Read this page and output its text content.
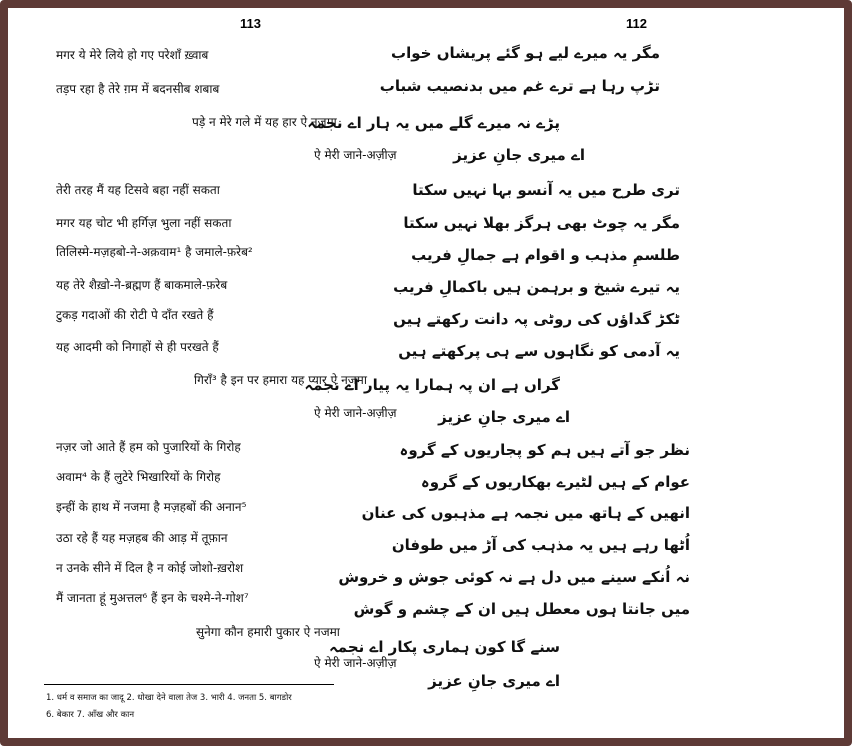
113	112
मगर ये मेरे लिये हो गए परेशाँ ख़्वाब
तड़प रहा है तेरे ग़म में बदनसीब शबाब
पड़े न मेरे गले में यह हार ऐ नजमा
ऐ मेरी जाने-अज़ीज़
तेरी तरह मैं यह टिसवे बहा नहीं सकता
मगर यह चोट भी हर्गिज़ भुला नहीं सकता
तिलिस्मे-मज़हबो-ने-अक़वाम¹ है जमाले-फ़रेब²
यह तेरे शैख़ो-ने-ब्रह्मण हैं बाकमाले-फ़रेब
टुकड़ गदाओं की रोटी पे दाँत रखते हैं
यह आदमी को निगाहों से ही परखते हैं
गिराँ³ है इन पर हमारा यह प्यार ऐ नजमा
ऐ मेरी जाने-अज़ीज़
नज़र जो आते हैं हम को पुजारियों के गिरोह
अवाम⁴ के हैं लुटेरे भिखारियों के गिरोह
इन्हीं के हाथ में नजमा है मज़हबों की अनान⁵
उठा रहे हैं यह मज़हब की आड़ में तूफ़ान
न उनके सीने में दिल है न कोई जोशो-ख़रोश
मैं जानता हूं मुअत्तल⁶ हैं इन के चश्मे-ने-गोश⁷
सुनेगा कौन हमारी पुकार ऐ नजमा
ऐ मेरी जाने-अज़ीज़
1. धर्म व समाज का जादू 2. धोखा देने वाला तेज 3. भारी 4. जनता 5. बागडोर
6. बेकार 7. आँख और कान
مگر یہ میرے لیے ہو گئے پریشاں خواب
تڑپ رہا ہے ترے غم میں بدنصیب شباب
پڑے نہ میرے گلے میں یہ ہار اے نجمہ
اے میری جانِ عزیز
تری طرح میں یہ آنسو بہا نہیں سکتا
مگر یہ چوٹ بھی ہرگز بھلا نہیں سکتا
طلسمِ مذہب و اقوام ہے جمالِ فریب
یہ تیرے شیخ و برہمن ہیں باکمالِ فریب
ٹکڑ گداؤں کی روٹی پہ دانت رکھتے ہیں
یہ آدمی کو نگاہوں سے ہی پرکھتے ہیں
گراں ہے ان پہ ہمارا یہ پیار اے نجمہ
اے میری جانِ عزیز
نظر جو آتے ہیں ہم کو پجاریوں کے گروہ
عوام کے ہیں لٹیرے بھکاریوں کے گروہ
انھیں کے ہاتھ میں نجمہ ہے مذہبوں کی عنان
اُٹھا رہے ہیں یہ مذہب کی آڑ میں طوفان
نہ اُنکے سینے میں دل ہے نہ کوئی جوش و خروش
میں جانتا ہوں معطل ہیں ان کے چشم و گوش
سنے گا کون ہماری پکار اے نجمہ
اے میری جانِ عزیز
